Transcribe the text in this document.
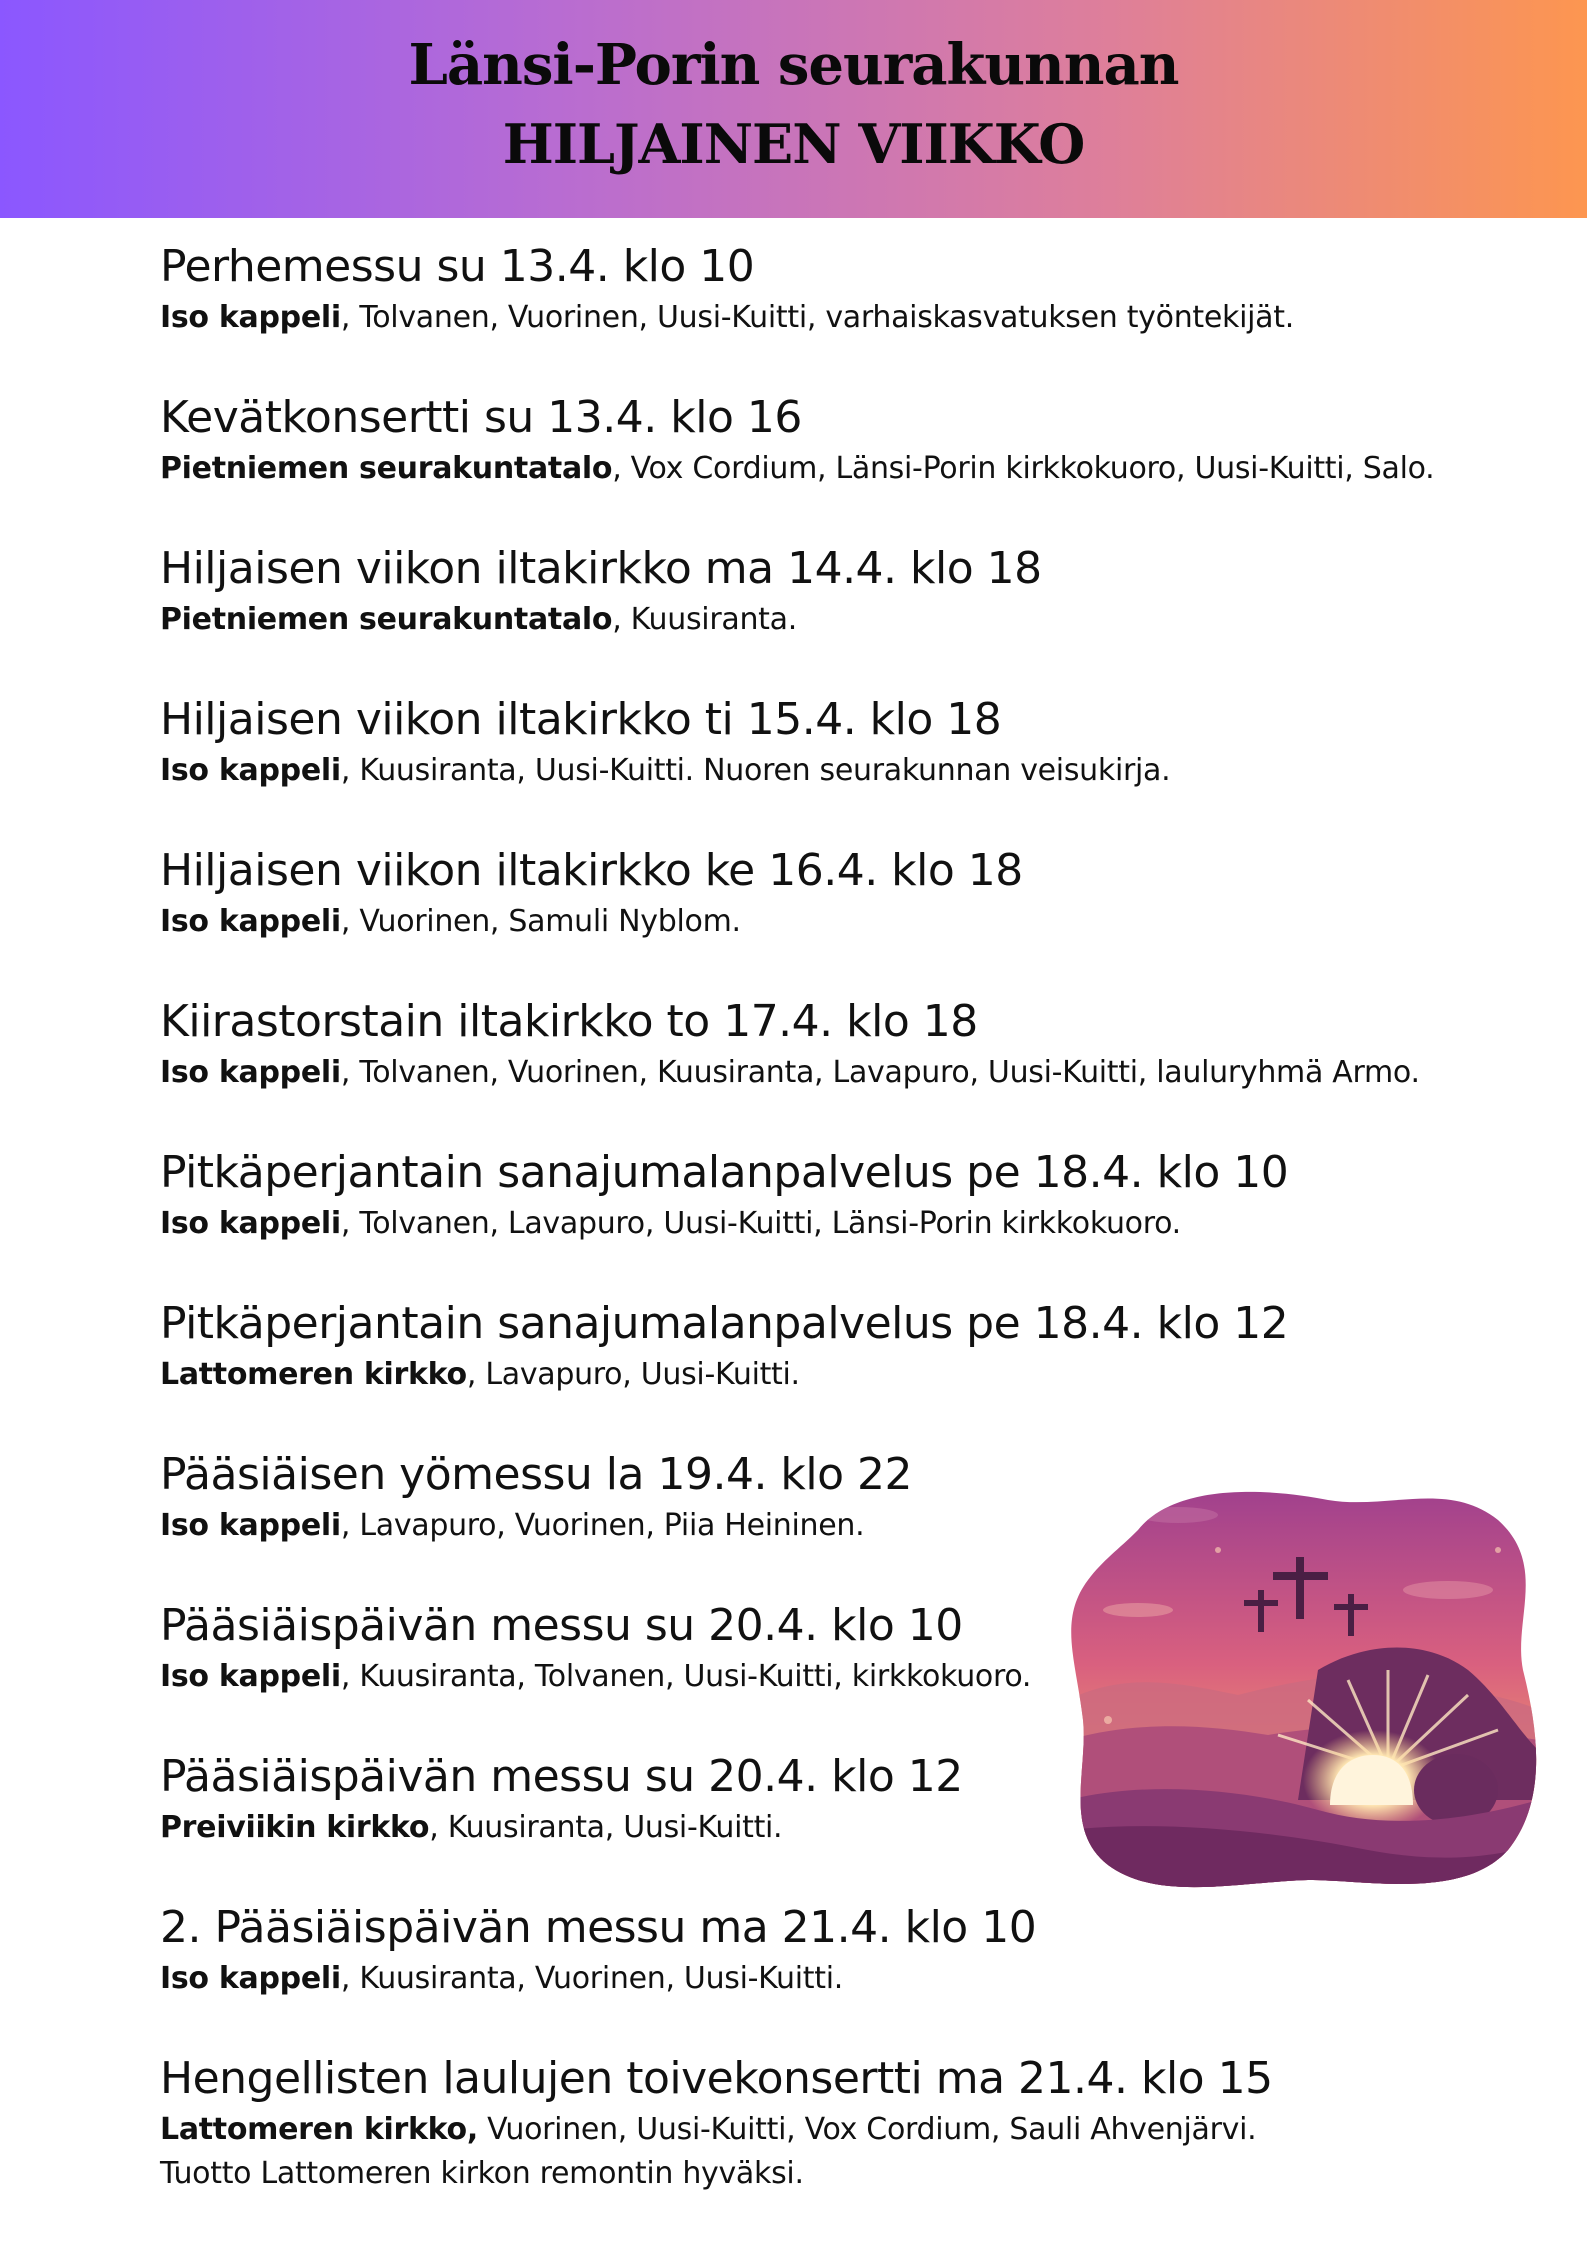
Länsi-Porin seurakunnan
HILJAINEN VIIKKO
Perhemessu su 13.4. klo 10
Iso kappeli, Tolvanen, Vuorinen, Uusi-Kuitti, varhaiskasvatuksen työntekijät.
Kevätkonsertti su 13.4. klo 16
Pietniemen seurakuntatalo, Vox Cordium, Länsi-Porin kirkkokuoro, Uusi-Kuitti, Salo.
Hiljaisen viikon iltakirkko ma 14.4. klo 18
Pietniemen seurakuntatalo, Kuusiranta.
Hiljaisen viikon iltakirkko ti 15.4. klo 18
Iso kappeli, Kuusiranta, Uusi-Kuitti. Nuoren seurakunnan veisukirja.
Hiljaisen viikon iltakirkko ke 16.4. klo 18
Iso kappeli, Vuorinen, Samuli Nyblom.
Kiirastorstain iltakirkko to 17.4. klo 18
Iso kappeli, Tolvanen, Vuorinen, Kuusiranta, Lavapuro, Uusi-Kuitti, lauluryhmä Armo.
Pitkäperjantain sanajumalanpalvelus pe 18.4. klo 10
Iso kappeli, Tolvanen, Lavapuro, Uusi-Kuitti, Länsi-Porin kirkkokuoro.
Pitkäperjantain sanajumalanpalvelus pe 18.4. klo 12
Lattomeren kirkko, Lavapuro, Uusi-Kuitti.
Pääsiäisen yömessu la 19.4. klo 22
Iso kappeli, Lavapuro, Vuorinen, Piia Heininen.
Pääsiäispäivän messu su 20.4. klo 10
Iso kappeli, Kuusiranta, Tolvanen, Uusi-Kuitti, kirkkokuoro.
Pääsiäispäivän messu su 20.4. klo 12
Preiviikin kirkko, Kuusiranta, Uusi-Kuitti.
2. Pääsiäispäivän messu ma 21.4. klo 10
Iso kappeli, Kuusiranta, Vuorinen, Uusi-Kuitti.
Hengellisten laulujen toivekonsertti ma 21.4. klo 15
Lattomeren kirkko, Vuorinen, Uusi-Kuitti, Vox Cordium, Sauli Ahvenjärvi.
Tuotto Lattomeren kirkon remontin hyväksi.
